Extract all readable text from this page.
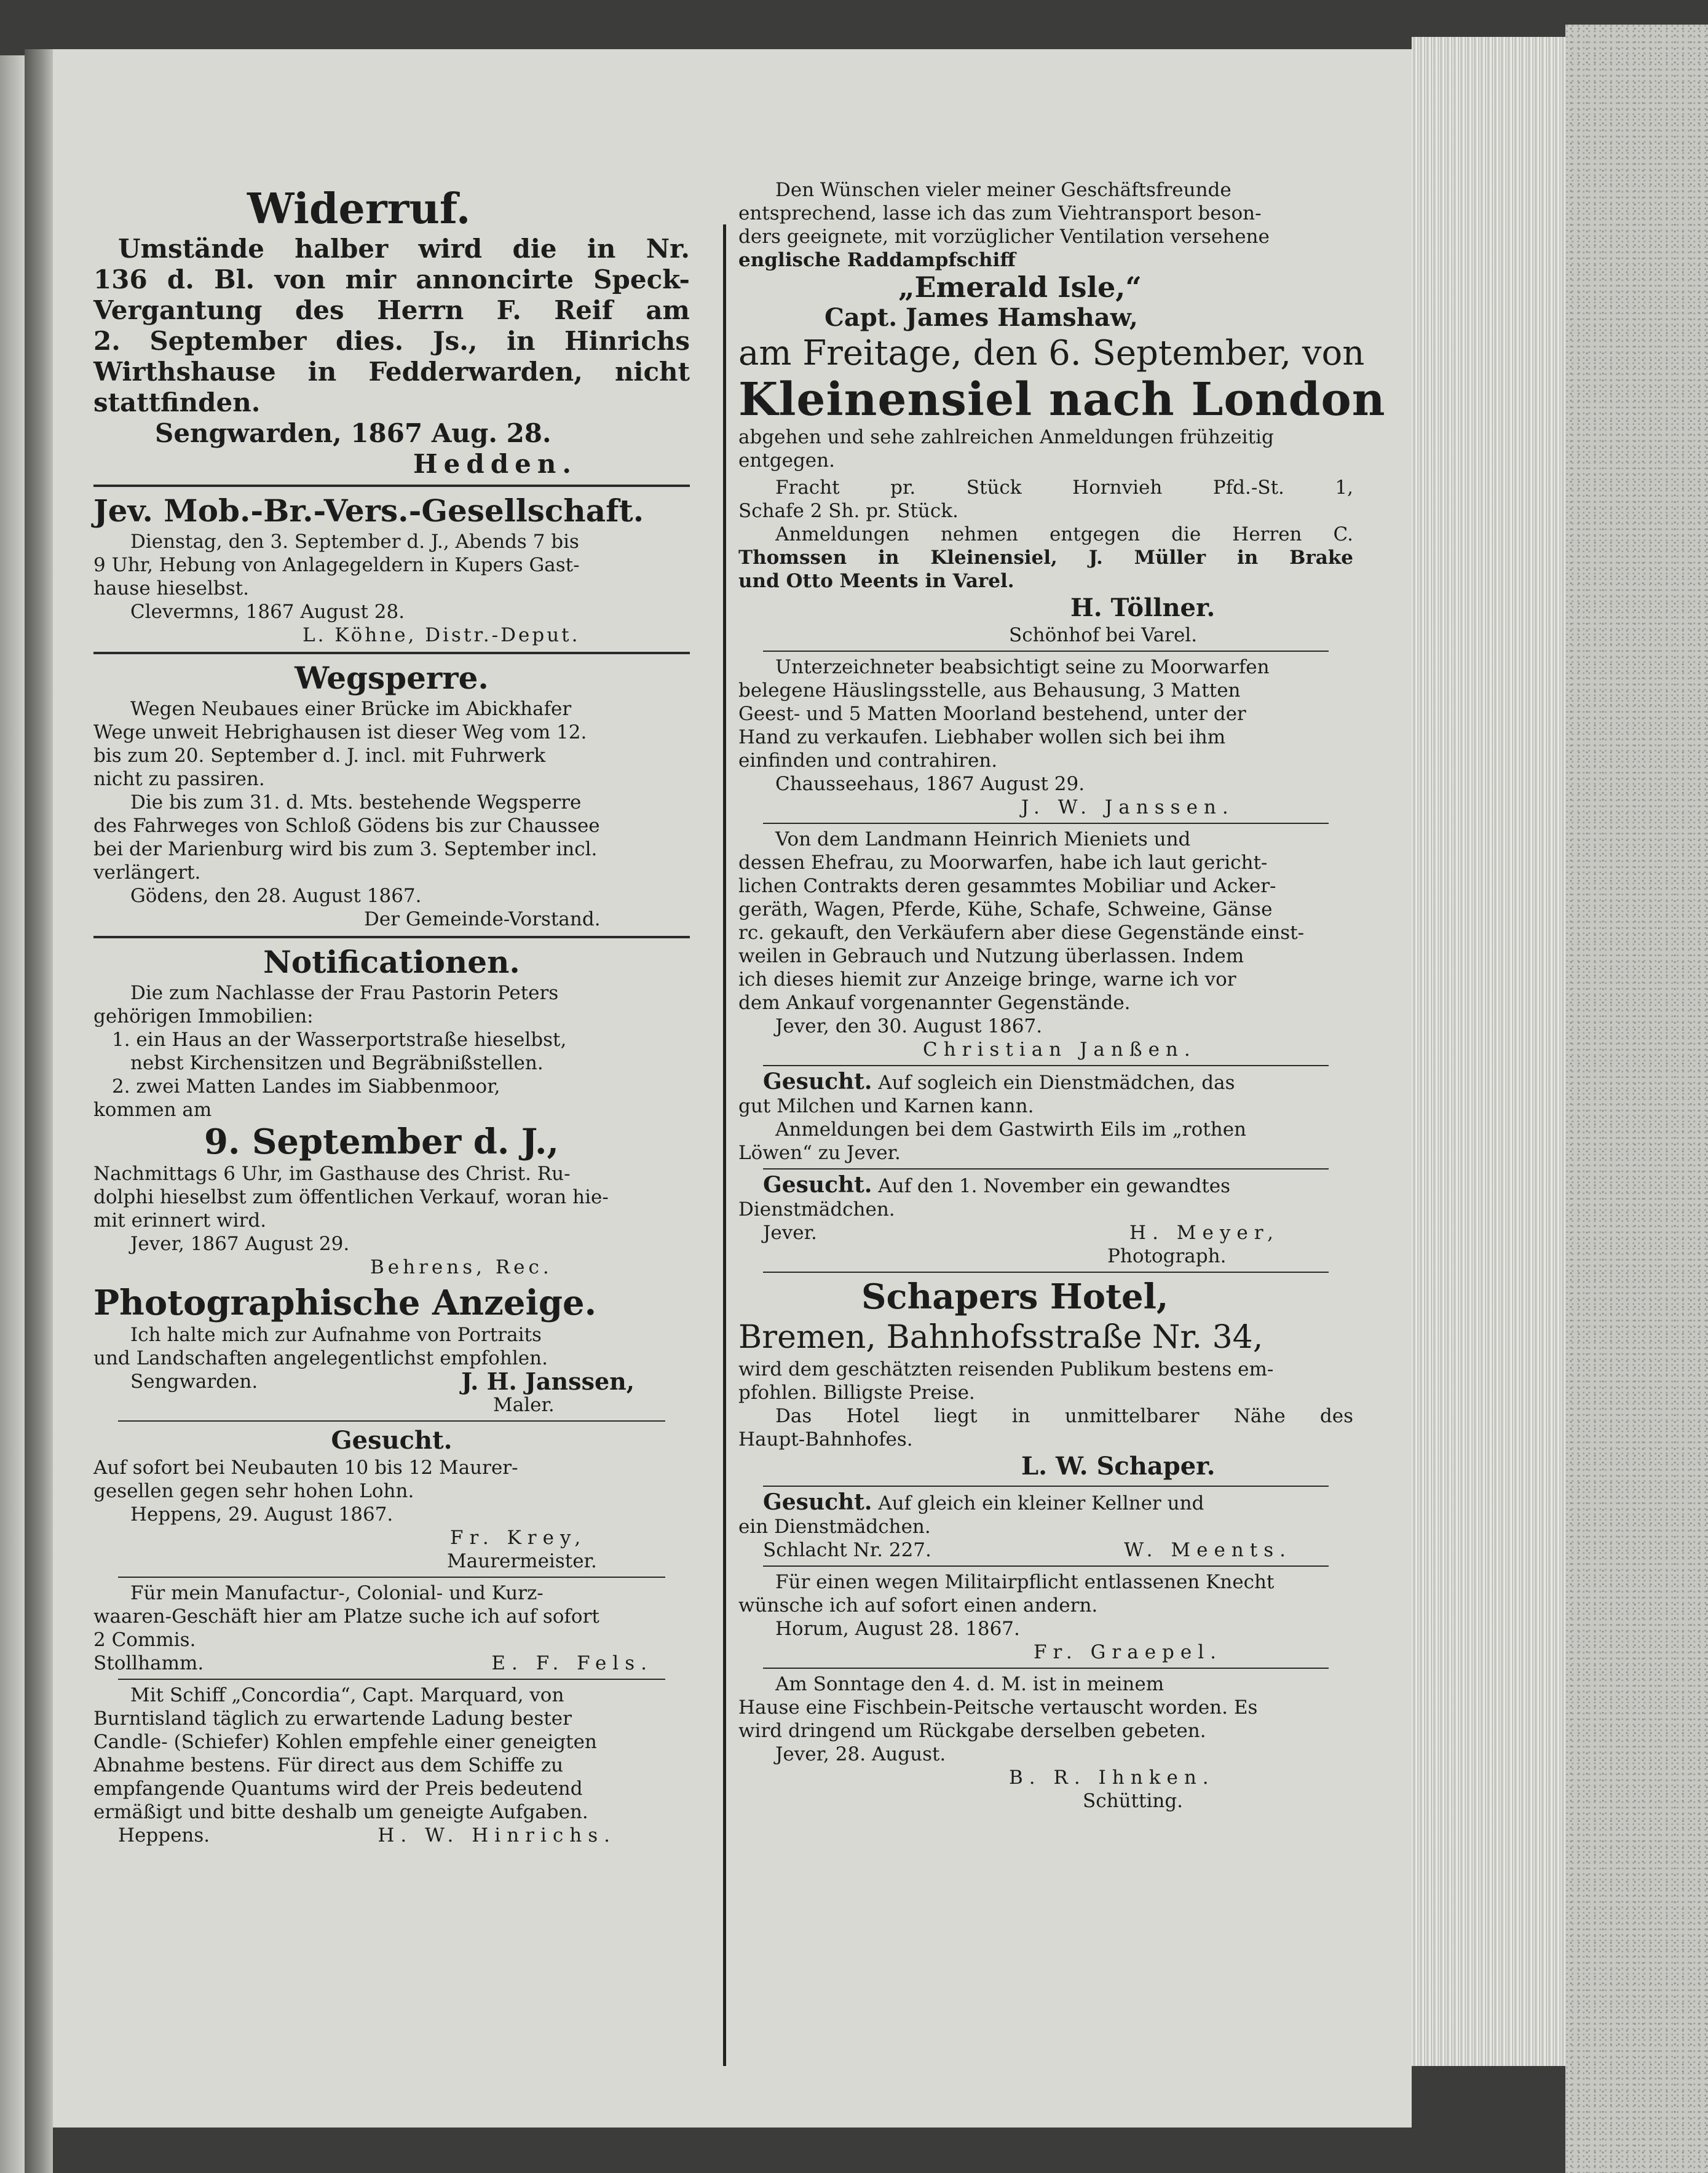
Widerruf.

Umstände halber wird die in Nr.

136 d. Bl. von mir annoncirte Speck-

Vergantung des Herrn F. Reif am

2. September dies. Js., in Hinrichs

Wirthshause in Fedderwarden, nicht

stattfinden.

Sengwarden, 1867 Aug. 28.

Hedden.

Jev. Mob.-Br.-Vers.-Gesellschaft.

Dienstag, den 3. September d. J., Abends 7 bis

9 Uhr, Hebung von Anlagegeldern in Kupers Gast-

hause hieselbst.

Clevermns, 1867 August 28.

L. Köhne, Distr.-Deput.

Wegsperre.

Wegen Neubaues einer Brücke im Abickhafer

Wege unweit Hebrighausen ist dieser Weg vom 12.

bis zum 20. September d. J. incl. mit Fuhrwerk

nicht zu passiren.

Die bis zum 31. d. Mts. bestehende Wegsperre

des Fahrweges von Schloß Gödens bis zur Chaussee

bei der Marienburg wird bis zum 3. September incl.

verlängert.

Gödens, den 28. August 1867.

Der Gemeinde-Vorstand.

Notificationen.

Die zum Nachlasse der Frau Pastorin Peters

gehörigen Immobilien:

1. ein Haus an der Wasserportstraße hieselbst,

nebst Kirchensitzen und Begräbnißstellen.

2. zwei Matten Landes im Siabbenmoor,

kommen am

9. September d. J.,

Nachmittags 6 Uhr, im Gasthause des Christ. Ru-

dolphi hieselbst zum öffentlichen Verkauf, woran hie-

mit erinnert wird.

Jever, 1867 August 29.

Behrens, Rec.

Photographische Anzeige.

Ich halte mich zur Aufnahme von Portraits

und Landschaften angelegentlichst empfohlen.

Sengwarden.	J. H. Janssen,

Maler.

Gesucht.

Auf sofort bei Neubauten 10 bis 12 Maurer-

gesellen gegen sehr hohen Lohn.

Heppens, 29. August 1867.

Fr. Krey,

Maurermeister.

Für mein Manufactur-, Colonial- und Kurz-

waaren-Geschäft hier am Platze suche ich auf sofort

2 Commis.

Stollhamm.	E. F. Fels.

Mit Schiff „Concordia“, Capt. Marquard, von

Burntisland täglich zu erwartende Ladung bester

Candle- (Schiefer) Kohlen empfehle einer geneigten

Abnahme bestens. Für direct aus dem Schiffe zu

empfangende Quantums wird der Preis bedeutend

ermäßigt und bitte deshalb um geneigte Aufgaben.

Heppens.	H. W. Hinrichs.

Den Wünschen vieler meiner Geschäftsfreunde

entsprechend, lasse ich das zum Viehtransport beson-

ders geeignete, mit vorzüglicher Ventilation versehene

englische Raddampfschiff

„Emerald Isle,“

Capt. James Hamshaw,

am Freitage, den 6. September, von

Kleinensiel nach London

abgehen und sehe zahlreichen Anmeldungen frühzeitig

entgegen.

Fracht pr. Stück Hornvieh Pfd.-St. 1,

Schafe 2 Sh. pr. Stück.

Anmeldungen nehmen entgegen die Herren C.

Thomssen in Kleinensiel, J. Müller in Brake

und Otto Meents in Varel.

H. Töllner.

Schönhof bei Varel.

Unterzeichneter beabsichtigt seine zu Moorwarfen

belegene Häuslingsstelle, aus Behausung, 3 Matten

Geest- und 5 Matten Moorland bestehend, unter der

Hand zu verkaufen. Liebhaber wollen sich bei ihm

einfinden und contrahiren.

Chausseehaus, 1867 August 29.

J. W. Janssen.

Von dem Landmann Heinrich Mieniets und

dessen Ehefrau, zu Moorwarfen, habe ich laut gericht-

lichen Contrakts deren gesammtes Mobiliar und Acker-

geräth, Wagen, Pferde, Kühe, Schafe, Schweine, Gänse

rc. gekauft, den Verkäufern aber diese Gegenstände einst-

weilen in Gebrauch und Nutzung überlassen. Indem

ich dieses hiemit zur Anzeige bringe, warne ich vor

dem Ankauf vorgenannter Gegenstände.

Jever, den 30. August 1867.

Christian Janßen.

Gesucht. Auf sogleich ein Dienstmädchen, das

gut Milchen und Karnen kann.

Anmeldungen bei dem Gastwirth Eils im „rothen

Löwen“ zu Jever.

Gesucht. Auf den 1. November ein gewandtes

Dienstmädchen.

Jever.	H. Meyer,

Photograph.

Schapers Hotel,

Bremen, Bahnhofsstraße Nr. 34,

wird dem geschätzten reisenden Publikum bestens em-

pfohlen. Billigste Preise.

Das Hotel liegt in unmittelbarer Nähe des

Haupt-Bahnhofes.

L. W. Schaper.

Gesucht. Auf gleich ein kleiner Kellner und

ein Dienstmädchen.

Schlacht Nr. 227.	W. Meents.

Für einen wegen Militairpflicht entlassenen Knecht

wünsche ich auf sofort einen andern.

Horum, August 28. 1867.

Fr. Graepel.

Am Sonntage den 4. d. M. ist in meinem

Hause eine Fischbein-Peitsche vertauscht worden. Es

wird dringend um Rückgabe derselben gebeten.

Jever, 28. August.

B. R. Ihnken.

Schütting.
